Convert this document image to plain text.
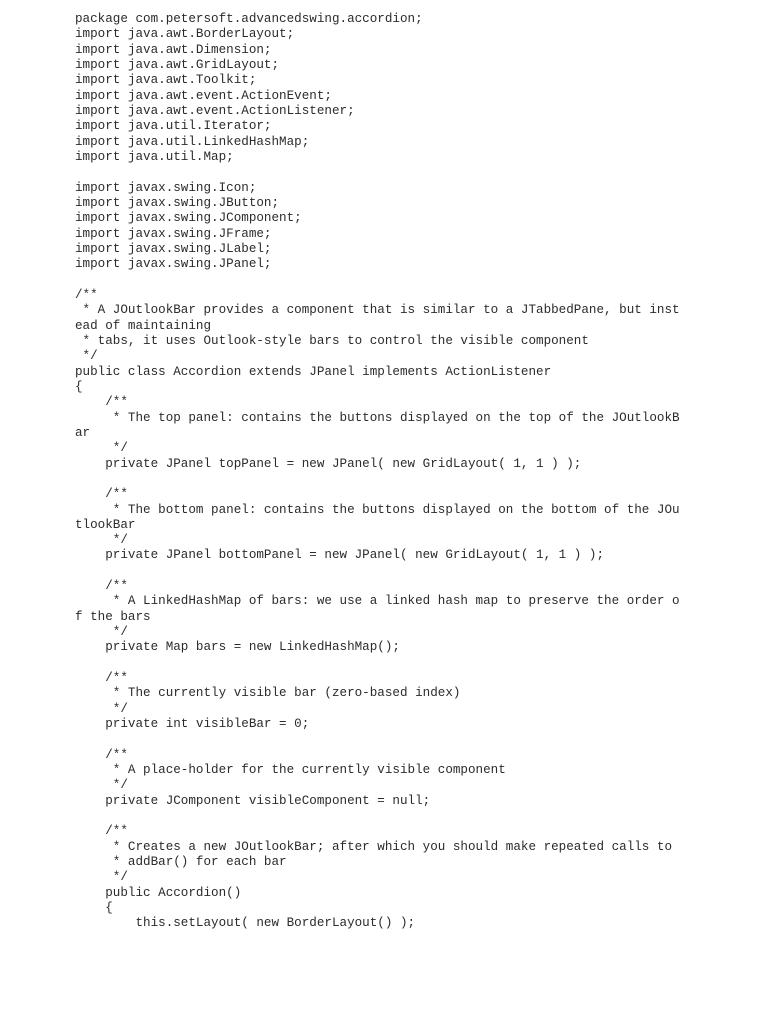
package com.petersoft.advancedswing.accordion;
import java.awt.BorderLayout;
import java.awt.Dimension;
import java.awt.GridLayout;
import java.awt.Toolkit;
import java.awt.event.ActionEvent;
import java.awt.event.ActionListener;
import java.util.Iterator;
import java.util.LinkedHashMap;
import java.util.Map;
import javax.swing.Icon;
import javax.swing.JButton;
import javax.swing.JComponent;
import javax.swing.JFrame;
import javax.swing.JLabel;
import javax.swing.JPanel;
/**
* A JOutlookBar provides a component that is similar to a JTabbedPane, but inst
ead of maintaining
* tabs, it uses Outlook-style bars to control the visible component
*/
public class Accordion extends JPanel implements ActionListener
{
/**
* The top panel: contains the buttons displayed on the top of the JOutlookB
ar
*/
private JPanel topPanel = new JPanel( new GridLayout( 1, 1 ) );
/**
* The bottom panel: contains the buttons displayed on the bottom of the JOu
tlookBar
*/
private JPanel bottomPanel = new JPanel( new GridLayout( 1, 1 ) );
/**
* A LinkedHashMap of bars: we use a linked hash map to preserve the order o
f the bars
*/
private Map bars = new LinkedHashMap();
/**
* The currently visible bar (zero-based index)
*/
private int visibleBar = 0;
/**
* A place-holder for the currently visible component
*/
private JComponent visibleComponent = null;
/**
* Creates a new JOutlookBar; after which you should make repeated calls to
* addBar() for each bar
*/
public Accordion()
{
this.setLayout( new BorderLayout() );
